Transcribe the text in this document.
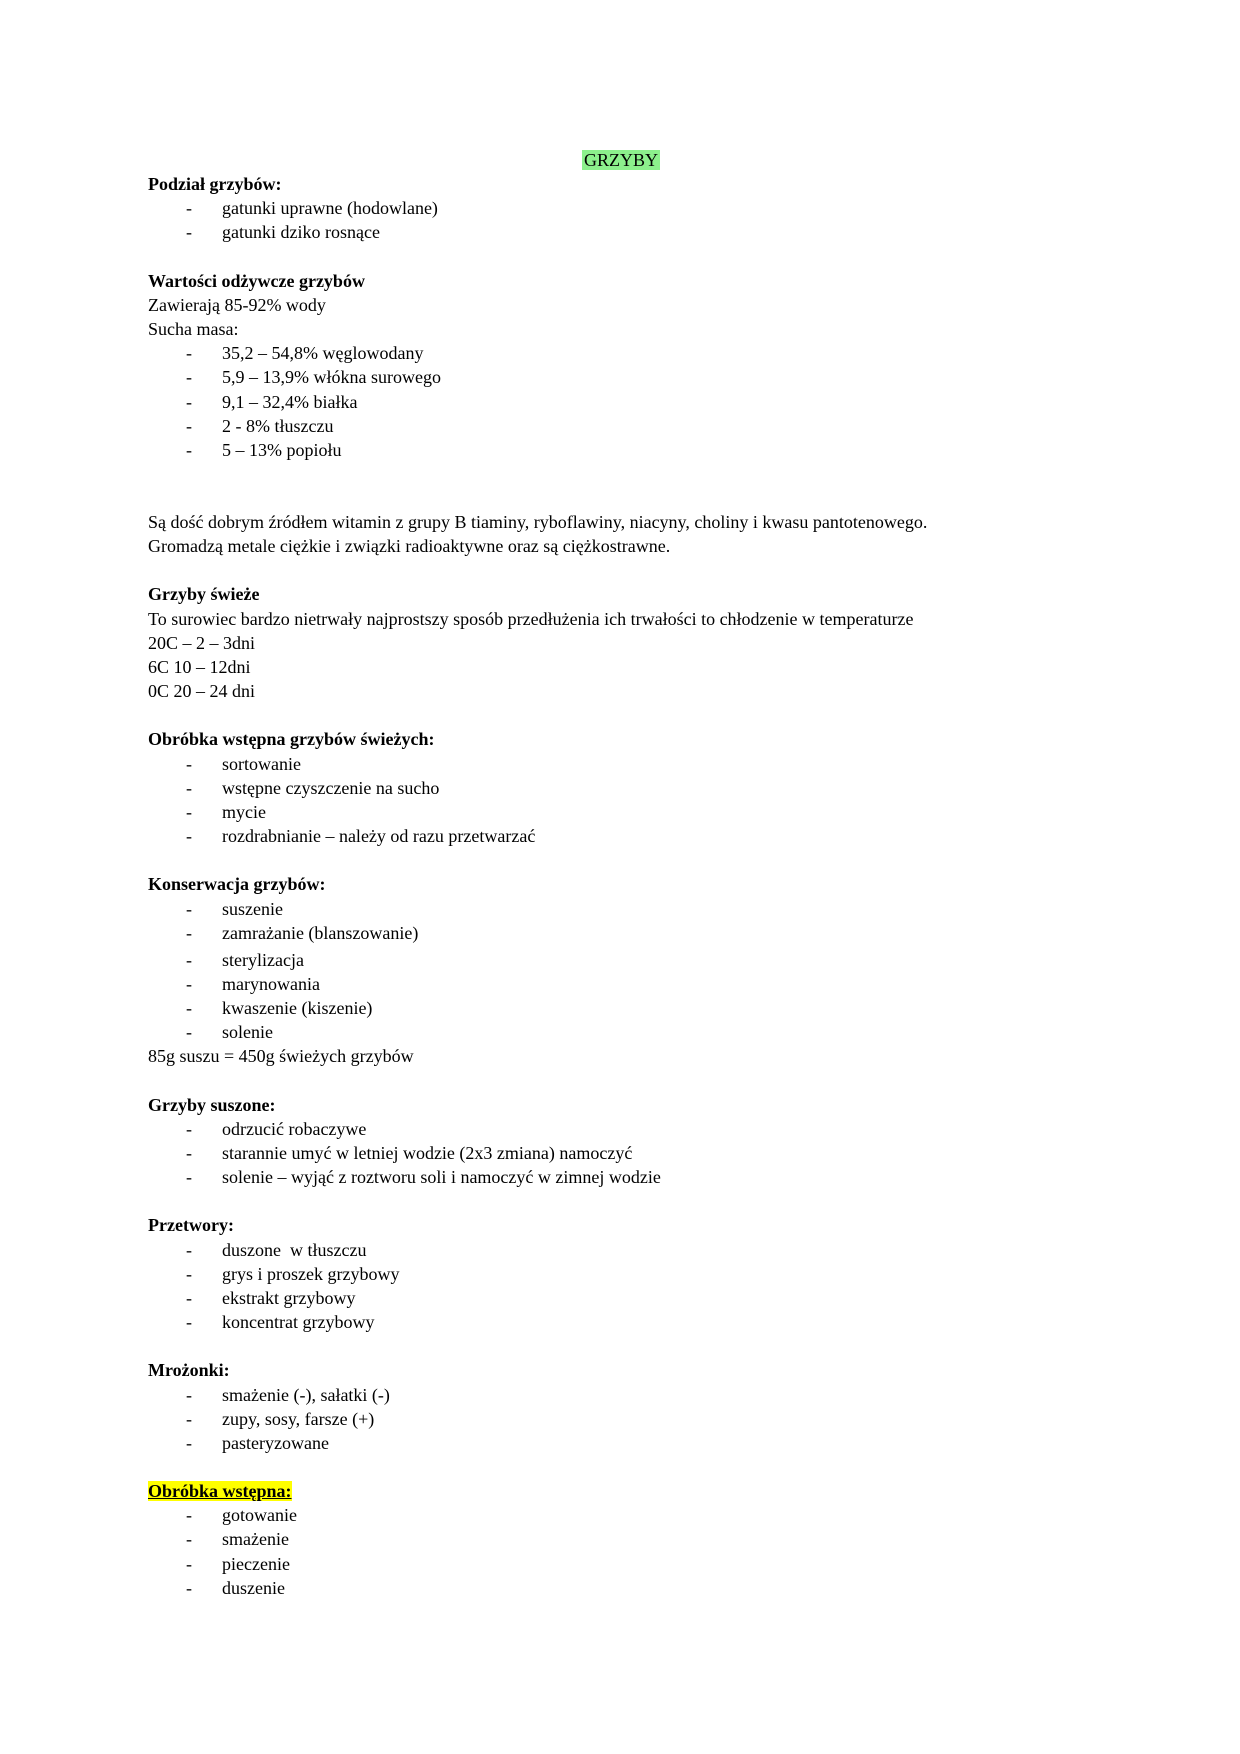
GRZYBY
Podział grzybów:
- gatunki uprawne (hodowlane)
- gatunki dziko rosnące
Wartości odżywcze grzybów
Zawierają 85-92% wody
Sucha masa:
- 35,2 – 54,8% węglowodany
- 5,9 – 13,9% włókna surowego
- 9,1 – 32,4% białka
- 2 - 8% tłuszczu
- 5 – 13% popiołu
Są dość dobrym źródłem witamin z grupy B tiaminy, ryboflawiny, niacyny, choliny i kwasu pantotenowego.
Gromadzą metale ciężkie i związki radioaktywne oraz są ciężkostrawne.
Grzyby świeże
To surowiec bardzo nietrwały najprostszy sposób przedłużenia ich trwałości to chłodzenie w temperaturze
20C – 2 – 3dni
6C 10 – 12dni
0C 20 – 24 dni
Obróbka wstępna grzybów świeżych:
- sortowanie
- wstępne czyszczenie na sucho
- mycie
- rozdrabnianie – należy od razu przetwarzać
Konserwacja grzybów:
- suszenie
- zamrażanie (blanszowanie)
- sterylizacja
- marynowania
- kwaszenie (kiszenie)
- solenie
85g suszu = 450g świeżych grzybów
Grzyby suszone:
- odrzucić robaczywe
- starannie umyć w letniej wodzie (2x3 zmiana) namoczyć
- solenie – wyjąć z roztworu soli i namoczyć w zimnej wodzie
Przetwory:
- duszone  w tłuszczu
- grys i proszek grzybowy
- ekstrakt grzybowy
- koncentrat grzybowy
Mrożonki:
- smażenie (-), sałatki (-)
- zupy, sosy, farsze (+)
- pasteryzowane
Obróbka wstępna:
- gotowanie
- smażenie
- pieczenie
- duszenie
